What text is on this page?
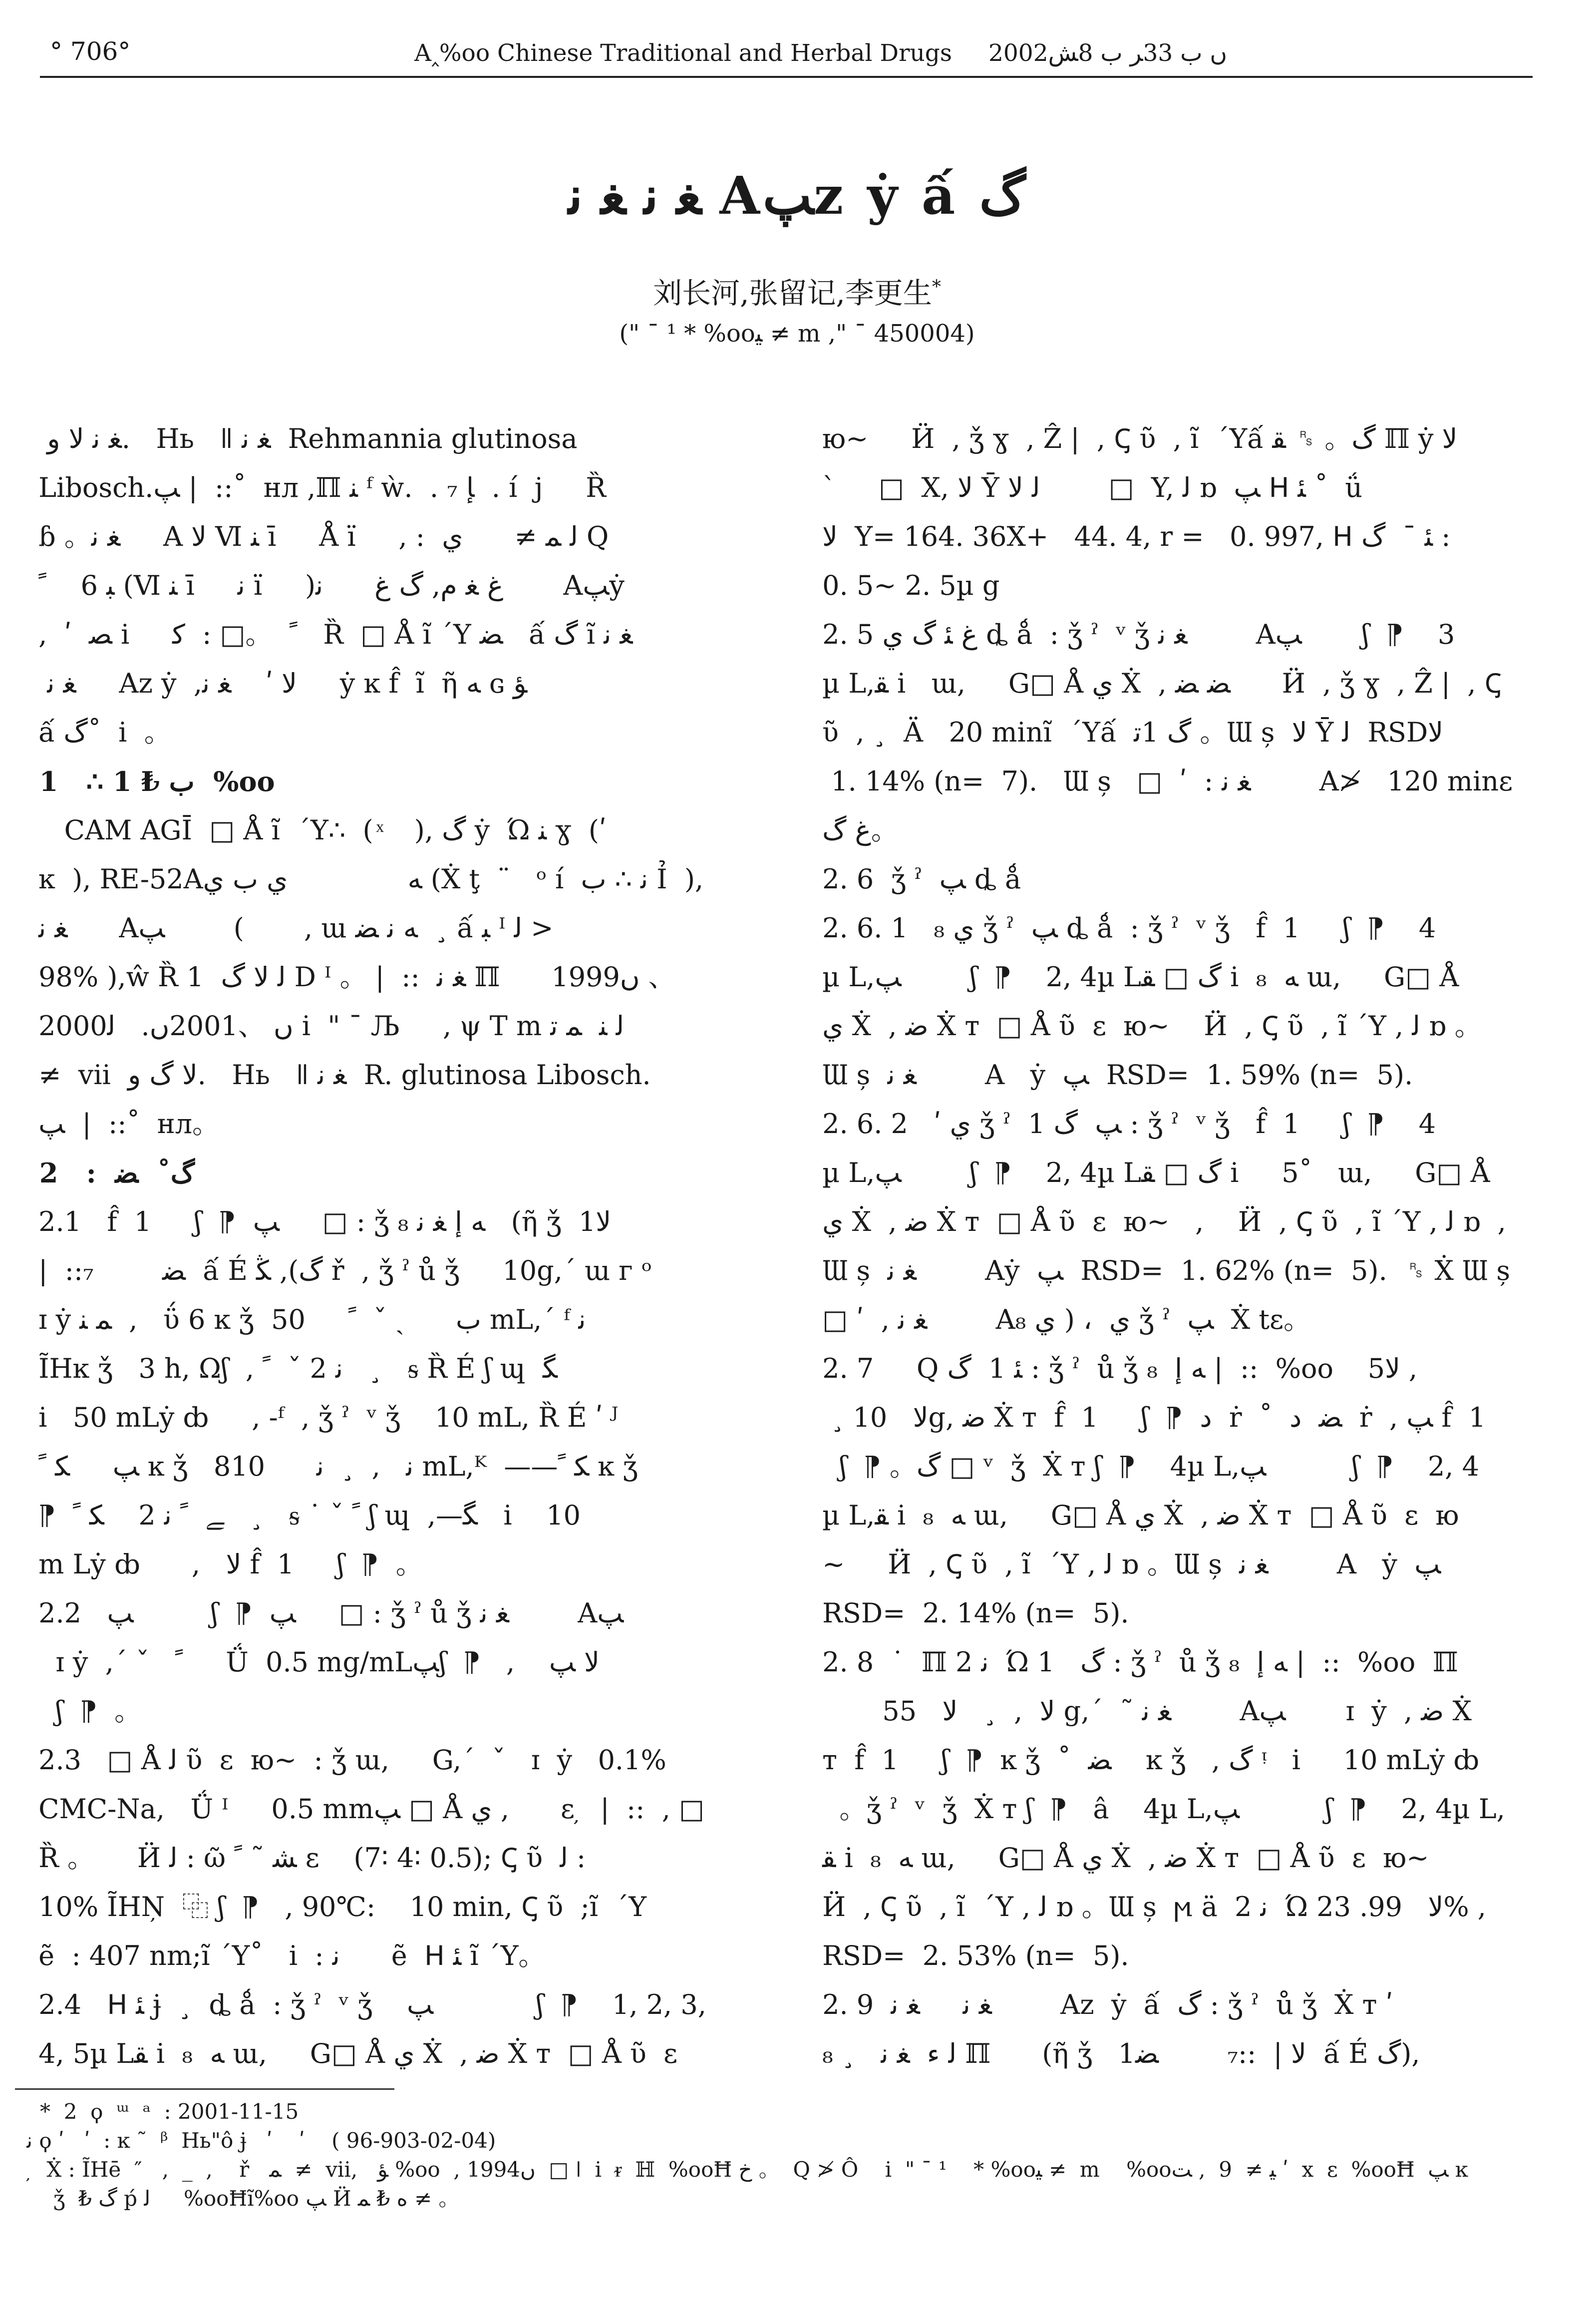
° 706°	A‸%oo Chinese Traditional and Herbal Drugs 2002ں ب 33ﺮ ب 8ﺶ
ﻐ ﻧ ﻐ ﻧ Aﭗz ẏ ấ ﮒ
刘长河,张留记,李更生*
(" ¯ ¹ * %ooﻴ ≠ m ," ¯ 450004)

ﻐ ﻧ ﻻ ﻭ.   Hь   ǁ ﻐ ﻧ  Rehmannia glutinosa

Libosch.ﭗ |  ::˚  нл ,ℿ ﻨ ᶠ ẁ.  . ﺈ ₇  . í  j     Ȑ

ɓ 。ﻐ ﻧ     A ﻻ Ⅵ ﻨ ī     Å ï     , :  ﻟ ﻤ ≠      ﻱ Q

ﺒ 6    ﹰ (Ⅵ ﻨ ī     ﻧ ï     )ﻍ ﻐ ﻡ, ﮒ ﻍ      ﻧ       Aﭗẏ

,  ʹ  ﺼ i     ﹰ  。□ :  ﮐ   Ȑ  □ Å ĩ ˊY ﻀ   ấ ﮒ ĩ ﻐ ﻧ

ﻐ ﻧ     Aᴢ ẏ  ,ﻻ ʹ    ﻐ ﻧ     ẏ ĸ f̂  ĩ  ῆ ﻪ ɢ ﺆ

ấ ﮒ˚  i  。

1   ∴ ب ₺ 1  %oo

CAM AGĪ  □ Å ĩ  ˊY∴  ( ͯ    ), ﮒ ẏ  Ώ ﻨ ɣ  (ʹ

ĸ  ), RE-52Aﻪ              ﻱ ب ﻱ (Ẋ ţ  ¨   ᵒ í  ﻧ ∴ ب Ỉ  ),

ﻐ ﻧ      Aﭗ        (       , ɯ ﻪ ﻧ ﻀ  ¸ ấ ﺒ ᴵ ﻟ >

98% ),ŵ Ȑ 1  ﻟ ﻻ ﮒ D ᴵ 。 |  ::  ﻐ ﻧ ℿ      1999ں 、

2000ں 、2001ں.   ﻟ i  " ¯ Љ     , ψ T m ﻟ ﻨ  ﻤ ﺗ

≠  vii  ﻻ ﮒ ﻭ.   Hь   ǁ ﻐ ﻧ  R. glutinosa Libosch.

ﭗ  |  ::˚  нл。

2   :  ﮒ˚  ﻀ

2.1   f̂  1     ʃ  ⁋  ﭗ     □ : ǯ ₈ ﻪ ﺇ ﻐ ﻧ   (ῆ ǯ  1ﻻ

|  ::₇        ﻀ  ấ É ﮒ), ﯖ ř  , ǯ ˀ ů ǯ     10g,ˊ ɯ ᴦ ᵒ

ɪ ẏ ﻤ ﻨ  ,   ΰ 6 ĸ ǯ  ب      ˏ ˇ  ﹰ     50 mL,ˊ ᶠ ﻧ

ĨHĸ ǯ   3 h, Ωʃ  , ﻧ 2 ˇ  ﹰ   ¸   ᵴ Ȑ É ʃ ɰ  ﮕ

i   50 mLẏ ȸ     , -ᶠ  , ǯ ˀ  ᵛ ǯ    10 mL, Ȑ É ʹ ᴶ

ﭗ     ﮑ ﹰ ĸ ǯ   8ﻧ   ,  ¸  ﻧ      10 mL,ᴷ  ——ﮑ ﹰ ĸ ǯ

⁋  ﮯ  ﹰ ﻧ 2    ﮑ ﹰ   ¸   ᵴ ˙ ˇ ﹰ ʃ ɰ  ,—ﮕ   i    10

m Lẏ ȸ      ,   ﻻ f̂  1     ʃ  ⁋  。

2.2   ﭗ         ʃ  ⁋  ﭗ     □ : ǯ ˀ ů ǯ ﻐ ﻧ        Aﭗ

ɪ ẏ  ,ˊ ˇ   ﹰ     Ǘ  0.5 mg/mLﭗʃ  ⁋   ,    ﻻ ﭗ

ʃ  ⁋  。

2.3   □ Å ﻟ ῦ  ɛ  ю~  : ǯ ɯ,     G,ˊ  ˇ   ɪ  ẏ   0.1%

CMC-Na,   Ǘ ᴵ     0.5 mmﭗ □ Å ﻱ ,      ε ̦  |  ::  , □

Ȑ 。     Ӥ ﻟ : ῶ ﺸ ˜ ﹰ ɛ    (7∶ 4∶ 0.5); Ꞔ ῦ  ﻟ :

10% ĨHŅ  ⿻ ʃ  ⁋   , 90℃:    10 min, Ꞔ ῦ  ;ĩ  ˊY

ẽ  : 407 nm;ĩ ˊY˚   i  : ﻧ      ẽ  ᕼ ﺌ ĩ ˊY。

2.4   ᕼ ﺌ ɉ  ¸  ȡ ǻ  : ǯ ˀ  ᵛ ǯ    ﭗ            ʃ  ⁋    1, 2, 3,

4, 5µ Lﻘ i  ₈  ﻪ ɯ,     G□ Å ﻱ Ẋ  , ﺿ Ẋ т  □ Å ῦ  ɛ

ю~     Ӥ  , ǯ ɣ  , Ẑ |  , Ꞔ ῦ  , ĩ  ˊYấ ﮒ。 ␞ ﻘ ℿ ẏ ﻻ

ˋ     □  X, ﻻ Ῡ ﻟ ﻻ        □  Y, ﻟ ɒ  ﭗ ᕼ ﺌ ˚  ǘ

ﻻ  Y= 164. 36X+   44. 4, r =   0. 997, ᕼ ﺌ ˉ  ﮒ :

0. 5~ 2. 5µ g

2. 5 ﻍ ﺌ ﮒ ﻱ ȡ ǻ  : ǯ ˀ  ᵛ ǯ ﻐ ﻧ        Aﭗ       ʃ  ⁋    3

µ L,ﻘ i   ɯ,     G□ Å ﻱ Ẋ  , ﻀ ﻀ      Ӥ  , ǯ ɣ  , Ẑ |  , Ꞔ

ῦ  , ¸  Ä   20 minĩ  ˊYấ  ﮒ 1ﺗ 。Ɯ ș  ﻻ Ῡ ﻟ  RSDﻻ

1. 14% (n=  7).   Ɯ ș   □  ʹ  : ﻐ ﻧ        A≯   120 minɛ

ﻍ ﮒ。

2. 6  ǯ ˀ  ﭗ ȡ ǻ

2. 6. 1   ₈ ﻱ ǯ ˀ  ﭗ ȡ ǻ  : ǯ ˀ  ᵛ ǯ   f̂  1     ʃ  ⁋    4

µ L,ﭗ        ʃ  ⁋    2, 4µ Lﮒ □ ﻘ i  ₈  ﻪ ɯ,     G□ Å

ﻱ Ẋ  , ﺿ Ẋ т  □ Å ῦ  ɛ  ю~    Ӥ  , Ꞔ ῦ  , ĩ ˊY , ﻟ ɒ 。

Ɯ ș  ﻐ ﻧ        A   ẏ  ﭗ  RSD=  1. 59% (n=  5).

2. 6. 2   ʹ ﻱ ǯ ˀ  1 ﭗ  ﮒ : ǯ ˀ  ᵛ ǯ   f̂  1     ʃ  ⁋    4

µ L,ﭗ        ʃ  ⁋    2, 4µ Lﮒ □ ﻘ i     5˚   ɯ,     G□ Å

ﻱ Ẋ  , ﺿ Ẋ т  □ Å ῦ  ɛ  ю~   ,    Ӥ  , Ꞔ ῦ  , ĩ ˊY , ﻟ ɒ  ,

Ɯ ș  ﻐ ﻧ        Aẏ  ﭗ  RSD=  1. 62% (n=  5).  ␞ Ẋ Ɯ ș

□ ʹ  , ﻐ ﻧ        A₈ ﻱ  ، ( ﻱ ǯ ˀ  ﭗ  Ẋ tε。

2. 7     Q ﺌ 1  ﮒ : ǯ ˀ  ů ǯ ₈  ﻪ ﺇ |  ::  %oo    5ﻻ ,

¸ ﻻ   10g, ﺿ Ẋ т  f̂  1     ʃ  ⁋  ﺩ  ṙ  ˚  ﻀ  ﺩ  ṙ  , ﭗ f̂  1

ʃ  ⁋ 。ﮒ □ ᵛ  ǯ  Ẋ т ʃ  ⁋    4µ L,ﭗ          ʃ  ⁋    2, 4

µ L,ﻘ i  ₈  ﻪ ɯ,     G□ Å ﻱ Ẋ  , ﺿ Ẋ т  □ Å ῦ  ɛ  ю

~     Ӥ  , Ꞔ ῦ  , ĩ  ˊY , ﻟ ɒ 。Ɯ ș  ﻐ ﻧ        A   ẏ  ﭗ

RSD=  2. 14% (n=  5).

2. 8  ˙  ℿ ﻧ 2  Ώ 1   ﮒ : ǯ ˀ  ů ǯ ₈  ﻪ ﺇ |  ::  %oo  ℿ

5ﻻ  ,  ¸   ﻻ   5 g,ˊ  ˜ ﻐ ﻧ        Aﭗ       ɪ  ẏ  , ﺿ Ẋ

т  f̂  1     ʃ  ⁋  ĸ ǯ  ˚  ﻀ    ĸ ǯ   , ﮒ ᵎ   i     10 mLẏ ȸ

。ǯ ˀ  ᵛ  ǯ  Ẋ т ʃ  ⁋   â    4µ L,ﭗ          ʃ  ⁋    2, 4µ L,

ﻘ i  ₈  ﻪ ɯ,     G□ Å ﻱ Ẋ  , ﺿ Ẋ т  □ Å ῦ  ɛ  ю~

Ӥ  , Ꞔ ῦ  , ĩ  ˊY , ﻟ ɒ 。Ɯ ș  ϻ ä  ﻧ 2  Ώ ﻻ   99. 23% ,

RSD=  2. 53% (n=  5).

2. 9  ﻐ ﻧ     ﻐ ﻧ        Aᴢ  ẏ  ấ  ﮒ : ǯ ˀ  ů ǯ  Ẋ т ʹ

₈ ¸   ﻟ ﺀ  ﻐ ﻧ ℿ      (ῆ ǯ   1ﻻ |  ::₇        ﻀ  ấ É ﮒ),

*  2  ϙ  ᵚ  ᵃ  : 2001-11-15

ﻧ ϙ ʹ   ʹ  : ĸ ˜  ᵝ  Hь"ô ɉ   ʹ    ʹ    ( 96-903-02-04)

̦  Ẋ : ĨHē  ″   ,  _  ,    ř   ﻤ  ≠  vii,   ﺆ %oo  , 1994ں  □ ǀ  i  ᵲ  ℍ  %ooĦ ﺥ 。  Q ≯ Ô    i  " ¯ ¹    * %ooﻴ ≠  m    %ooﻴ ≠  9  , ﺖ ʹ  x  ε  %ooĦ  ﭗ ĸ

ǯ  ₺ ﮒ ṕ ﻟ     %ooĦĩ%oo ﭗ Ӥ ﻩ ₺ ﻤ ≠ 。
